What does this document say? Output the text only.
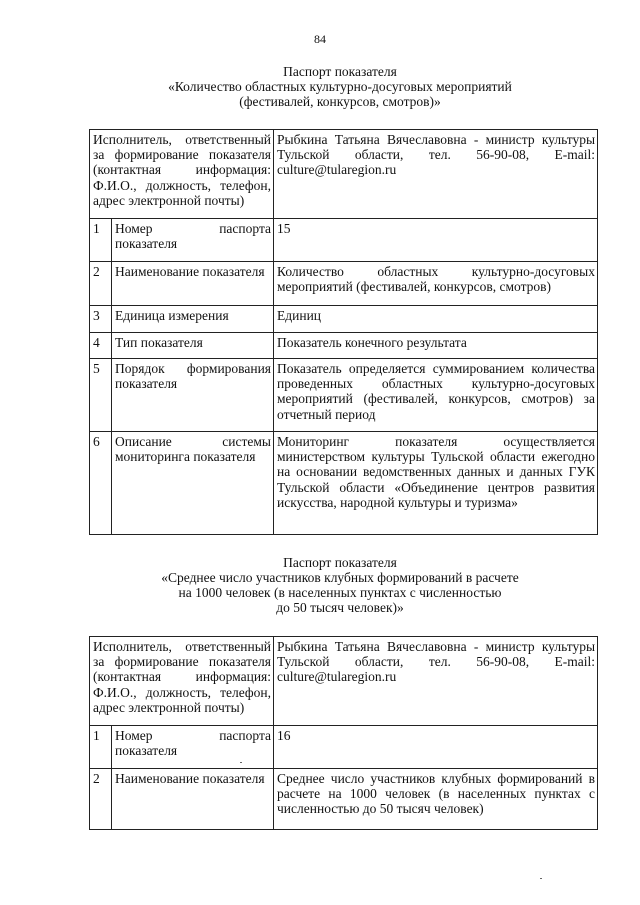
84
Паспорт показателя
«Количество областных культурно-досуговых мероприятий
(фестивалей, конкурсов, смотров)»
Исполнитель, ответственный за формирование показателя (контактная информация: Ф.И.О., должность, телефон, адрес электронной почты)		Рыбкина Татьяна Вячеславовна - министр культуры Тульской области, тел. 56-90-08, E-mail: culture@tularegion.ru
1	Номер паспорта показателя	15
2	Наименование показателя	Количество областных культурно-досуговых мероприятий (фестивалей, конкурсов, смотров)
3	Единица измерения	Единиц
4	Тип показателя	Показатель конечного результата
5	Порядок формирования показателя	Показатель определяется суммированием количества проведенных областных культурно-досуговых мероприятий (фестивалей, конкурсов, смотров) за отчетный период
6	Описание системы мониторинга показателя	Мониторинг показателя осуществляется министерством культуры Тульской области ежегодно на основании ведомственных данных и данных ГУК Тульской области «Объединение центров развития искусства, народной культуры и туризма»
Паспорт показателя
«Среднее число участников клубных формирований в расчете
на 1000 человек (в населенных пунктах с численностью
до 50 тысяч человек)»
Исполнитель, ответственный за формирование показателя (контактная информация: Ф.И.О., должность, телефон, адрес электронной почты)		Рыбкина Татьяна Вячеславовна - министр культуры Тульской области, тел. 56-90-08, E-mail: culture@tularegion.ru
1	Номер паспорта показателя	16
2	Наименование показателя	Среднее число участников клубных формирований в расчете на 1000 человек (в населенных пунктах с численностью до 50 тысяч человек)
